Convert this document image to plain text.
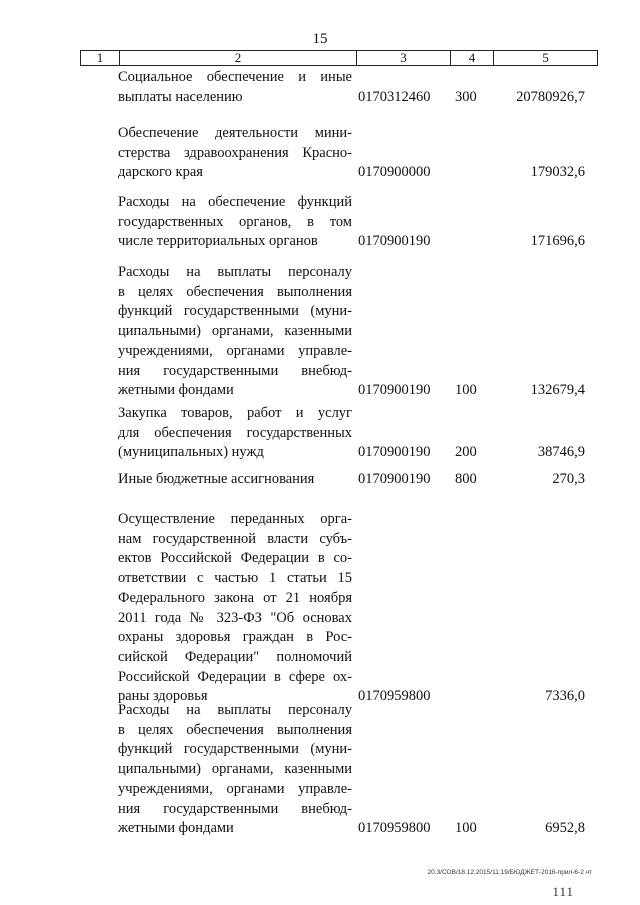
15
1	2	3	4	5
Социальное обеспечение и иные
выплаты населению	0170312460 300	20780926,7
Обеспечение деятельности мини-
стерства здравоохранения Красно-
дарского края	0170900000	179032,6
Расходы на обеспечение функций
государственных органов, в том
числе территориальных органов	0170900190	171696,6
Расходы на выплаты персоналу
в целях обеспечения выполнения
функций государственными (муни-
ципальными) органами, казенными
учреждениями, органами управле-
ния государственными внебюд-
жетными фондами	0170900190 100	132679,4
Закупка товаров, работ и услуг
для обеспечения государственных
(муниципальных) нужд	0170900190 200	38746,9
Иные бюджетные ассигнования	0170900190 800	270,3
Осуществление переданных орга-
нам государственной власти субъ-
ектов Российской Федерации в со-
ответствии с частью 1 статьи 15
Федерального закона от 21 ноября
2011 года № 323-ФЗ "Об основах
охраны здоровья граждан в Рос-
сийской Федерации" полномочий
Российской Федерации в сфере ох-
раны здоровья	0170959800	7336,0
Расходы на выплаты персоналу
в целях обеспечения выполнения
функций государственными (муни-
ципальными) органами, казенными
учреждениями, органами управле-
ния государственными внебюд-
жетными фондами	0170959800 100	6952,8
20.3/СОВ/18.12.2015/11:19/БЮДЖЕТ-2016-прил-6-2 чт
111
